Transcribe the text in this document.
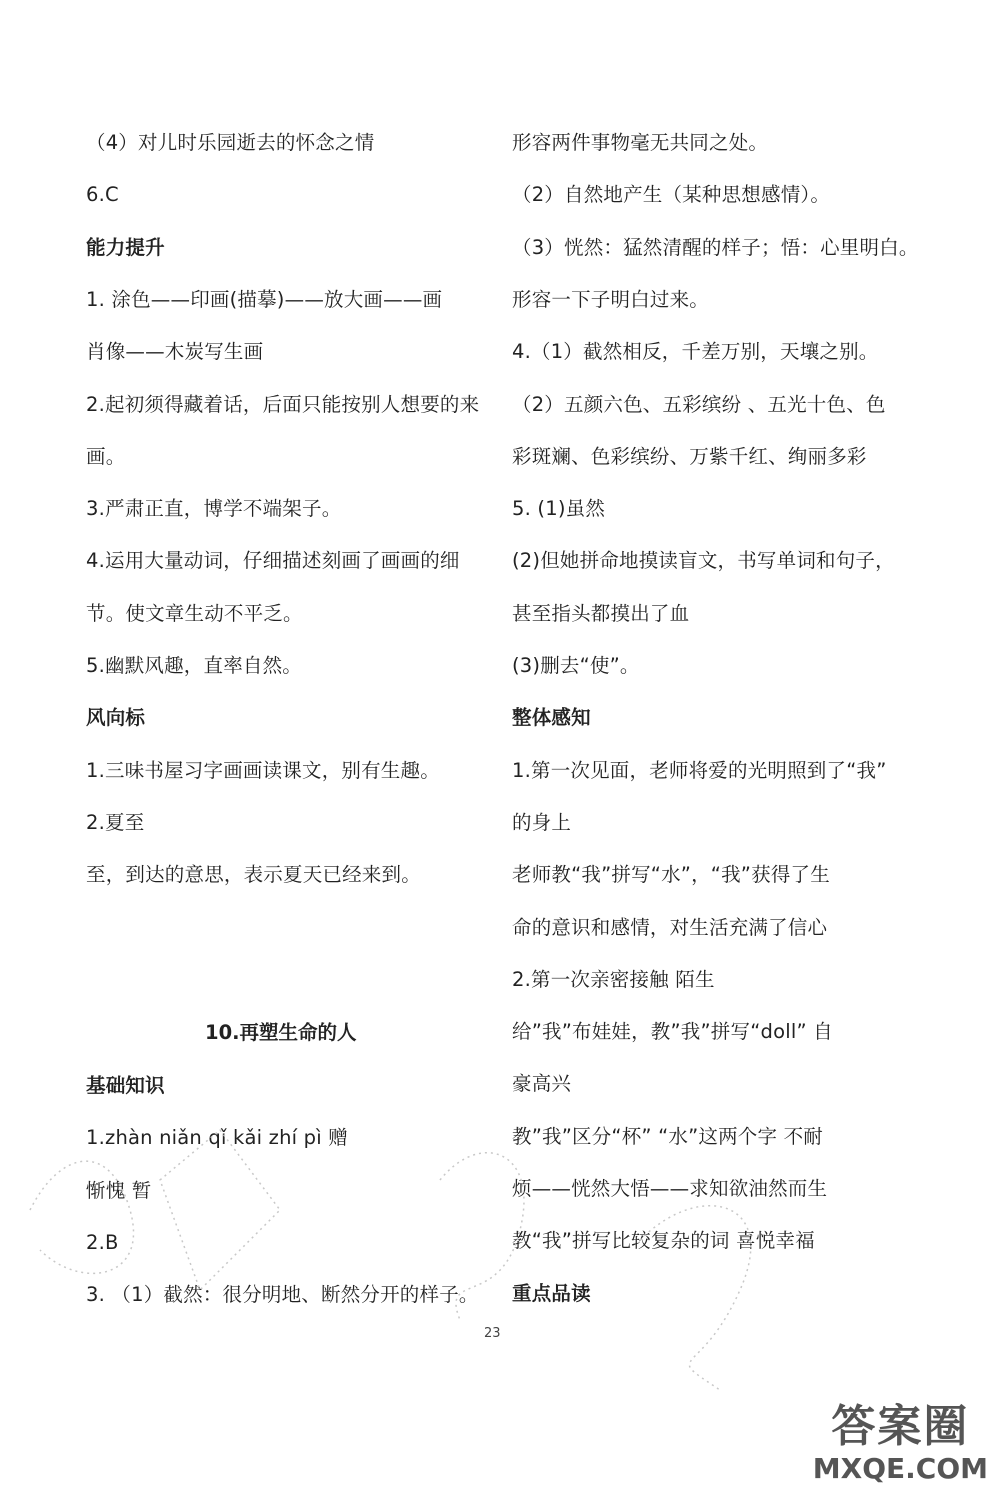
（4）对儿时乐园逝去的怀念之情
6.C
能力提升
1. 涂色——印画(描摹)——放大画——画
肖像——木炭写生画
2.起初须得藏着话，后面只能按别人想要的来
画。
3.严肃正直，博学不端架子。
4.运用大量动词，仔细描述刻画了画画的细
节。使文章生动不平乏。
5.幽默风趣，直率自然。
风向标
1.三味书屋习字画画读课文，别有生趣。
2.夏至
至，到达的意思，表示夏天已经来到。
10.再塑生命的人
基础知识
1.zhàn niǎn qǐ kǎi zhí pì 赠
惭愧 暂
2.B
3. （1）截然：很分明地、断然分开的样子。
形容两件事物毫无共同之处。
（2）自然地产生（某种思想感情）。
（3）恍然：猛然清醒的样子；悟：心里明白。
形容一下子明白过来。
4.（1）截然相反，千差万别，天壤之别。
（2）五颜六色、五彩缤纷 、五光十色、色
彩斑斓、色彩缤纷、万紫千红、绚丽多彩
5. (1)虽然
(2)但她拼命地摸读盲文，书写单词和句子，
甚至指头都摸出了血
(3)删去“使”。
整体感知
1.第一次见面，老师将爱的光明照到了“我”
的身上
老师教“我”拼写“水”，“我”获得了生
命的意识和感情，对生活充满了信心
2.第一次亲密接触 陌生
给”我”布娃娃，教”我”拼写“doll” 自
豪高兴
教”我”区分“杯” “水”这两个字 不耐
烦——恍然大悟——求知欲油然而生
教“我”拼写比较复杂的词 喜悦幸福
重点品读
23
答案圈
MXQE.COM
